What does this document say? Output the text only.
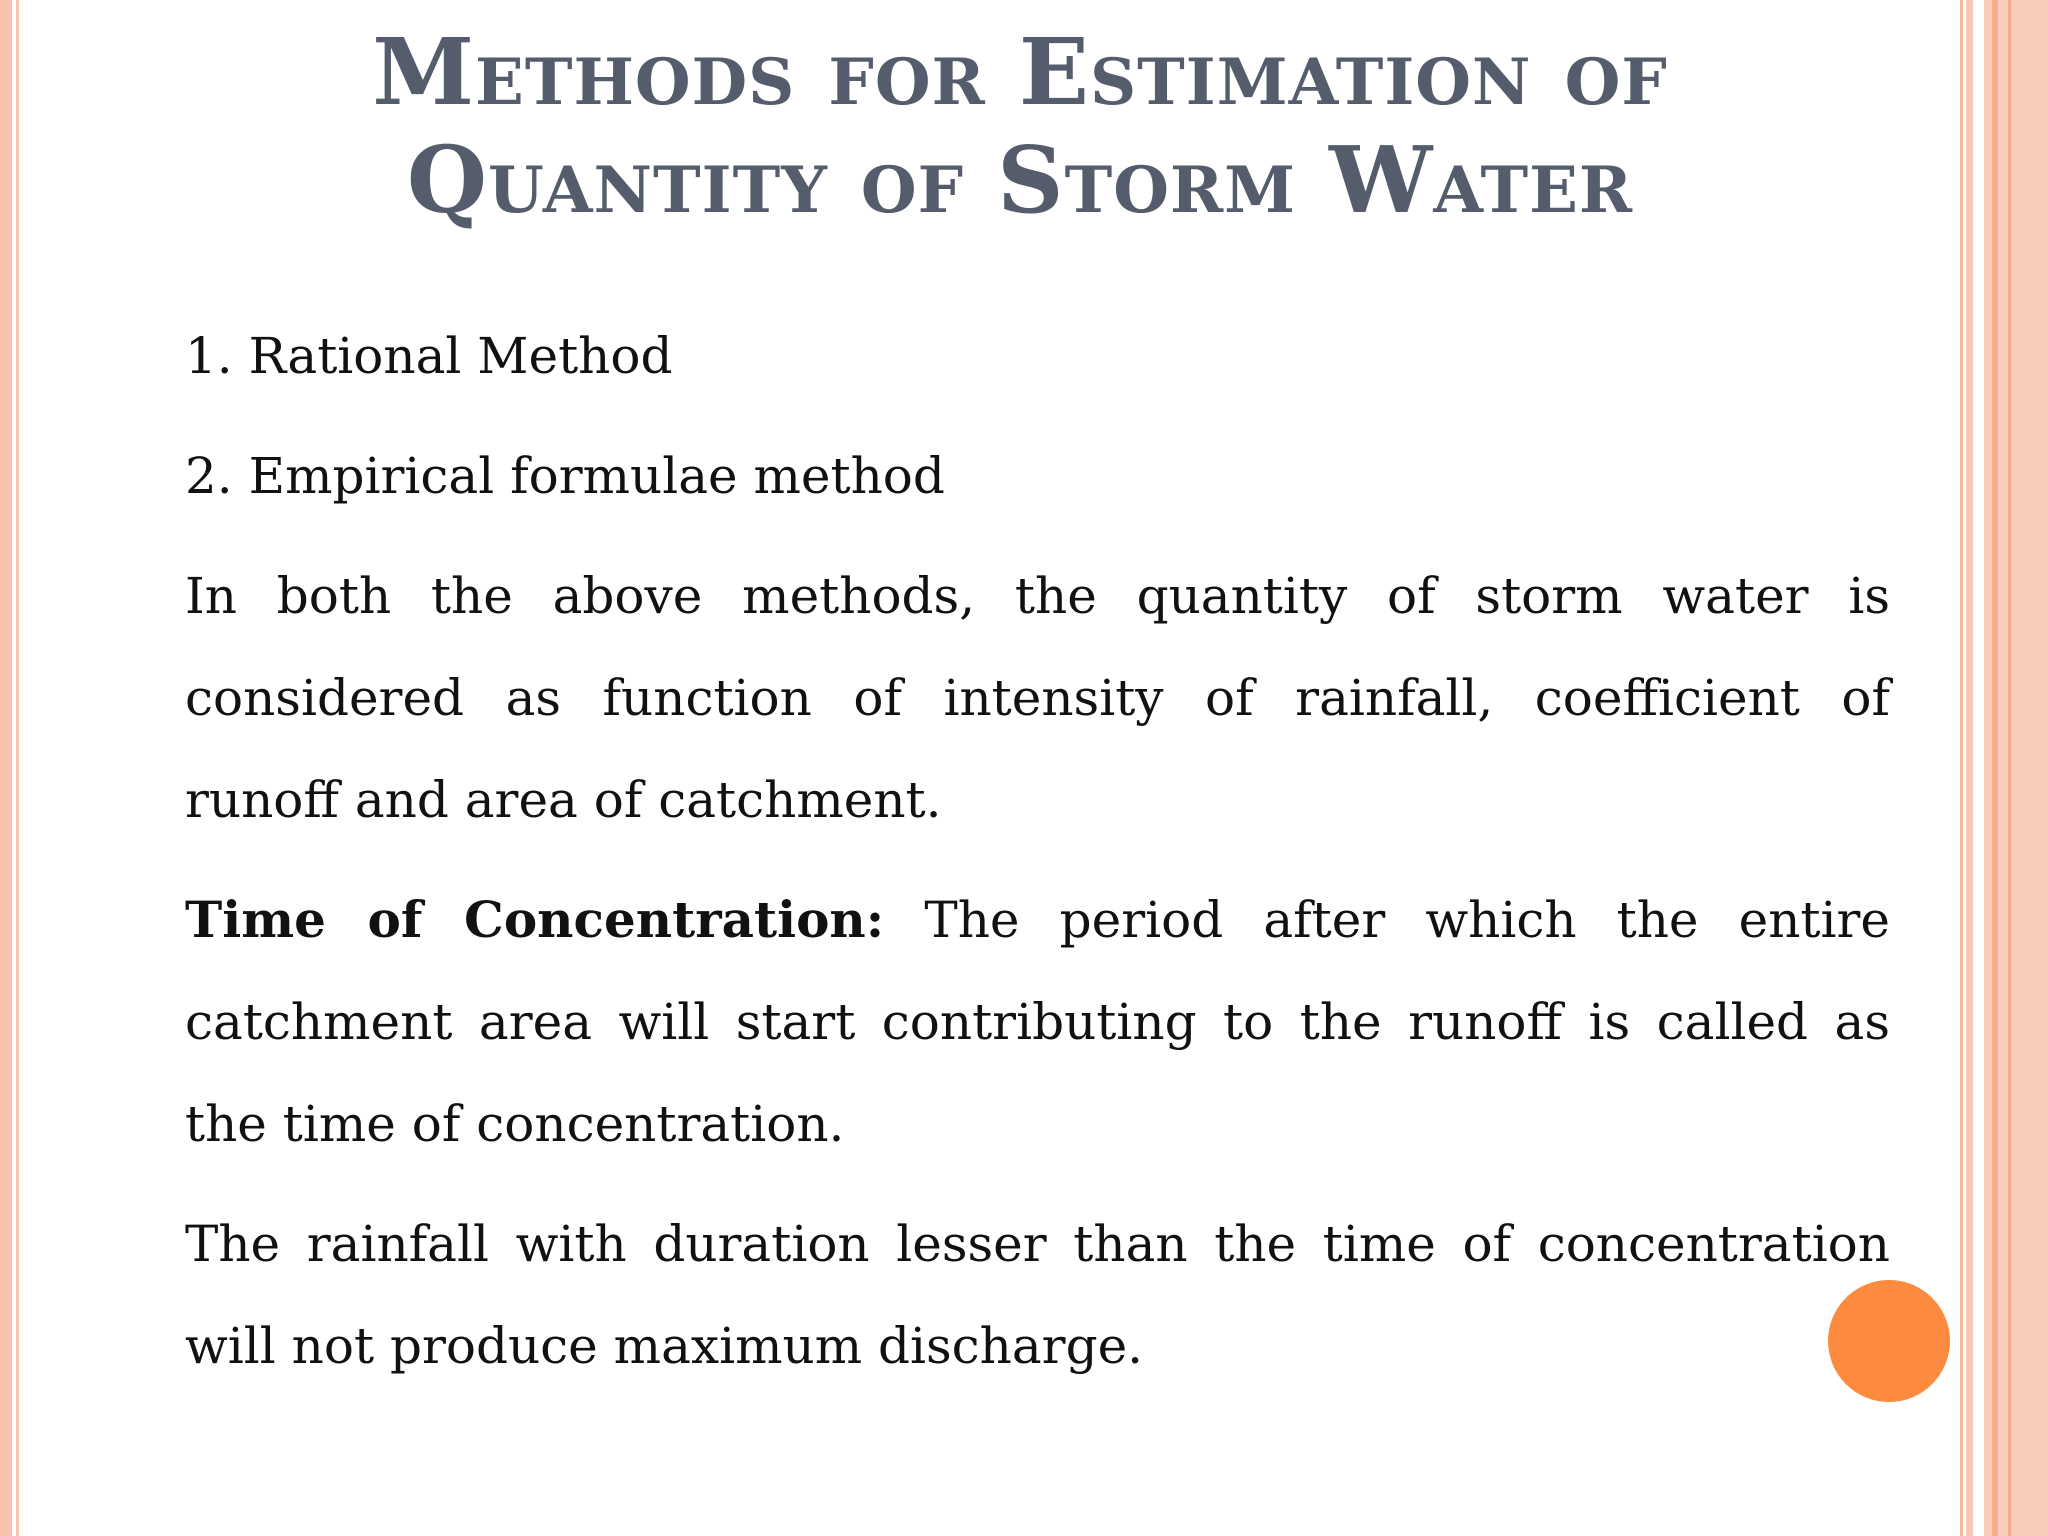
Methods for Estimation of
Quantity of Storm Water
1. Rational Method
2. Empirical formulae method
In both the above methods, the quantity of storm water is
considered as function of intensity of rainfall, coefficient of
runoff and area of catchment.
Time of Concentration: The period after which the entire
catchment area will start contributing to the runoff is called as
the time of concentration.
The rainfall with duration lesser than the time of concentration
will not produce maximum discharge.
